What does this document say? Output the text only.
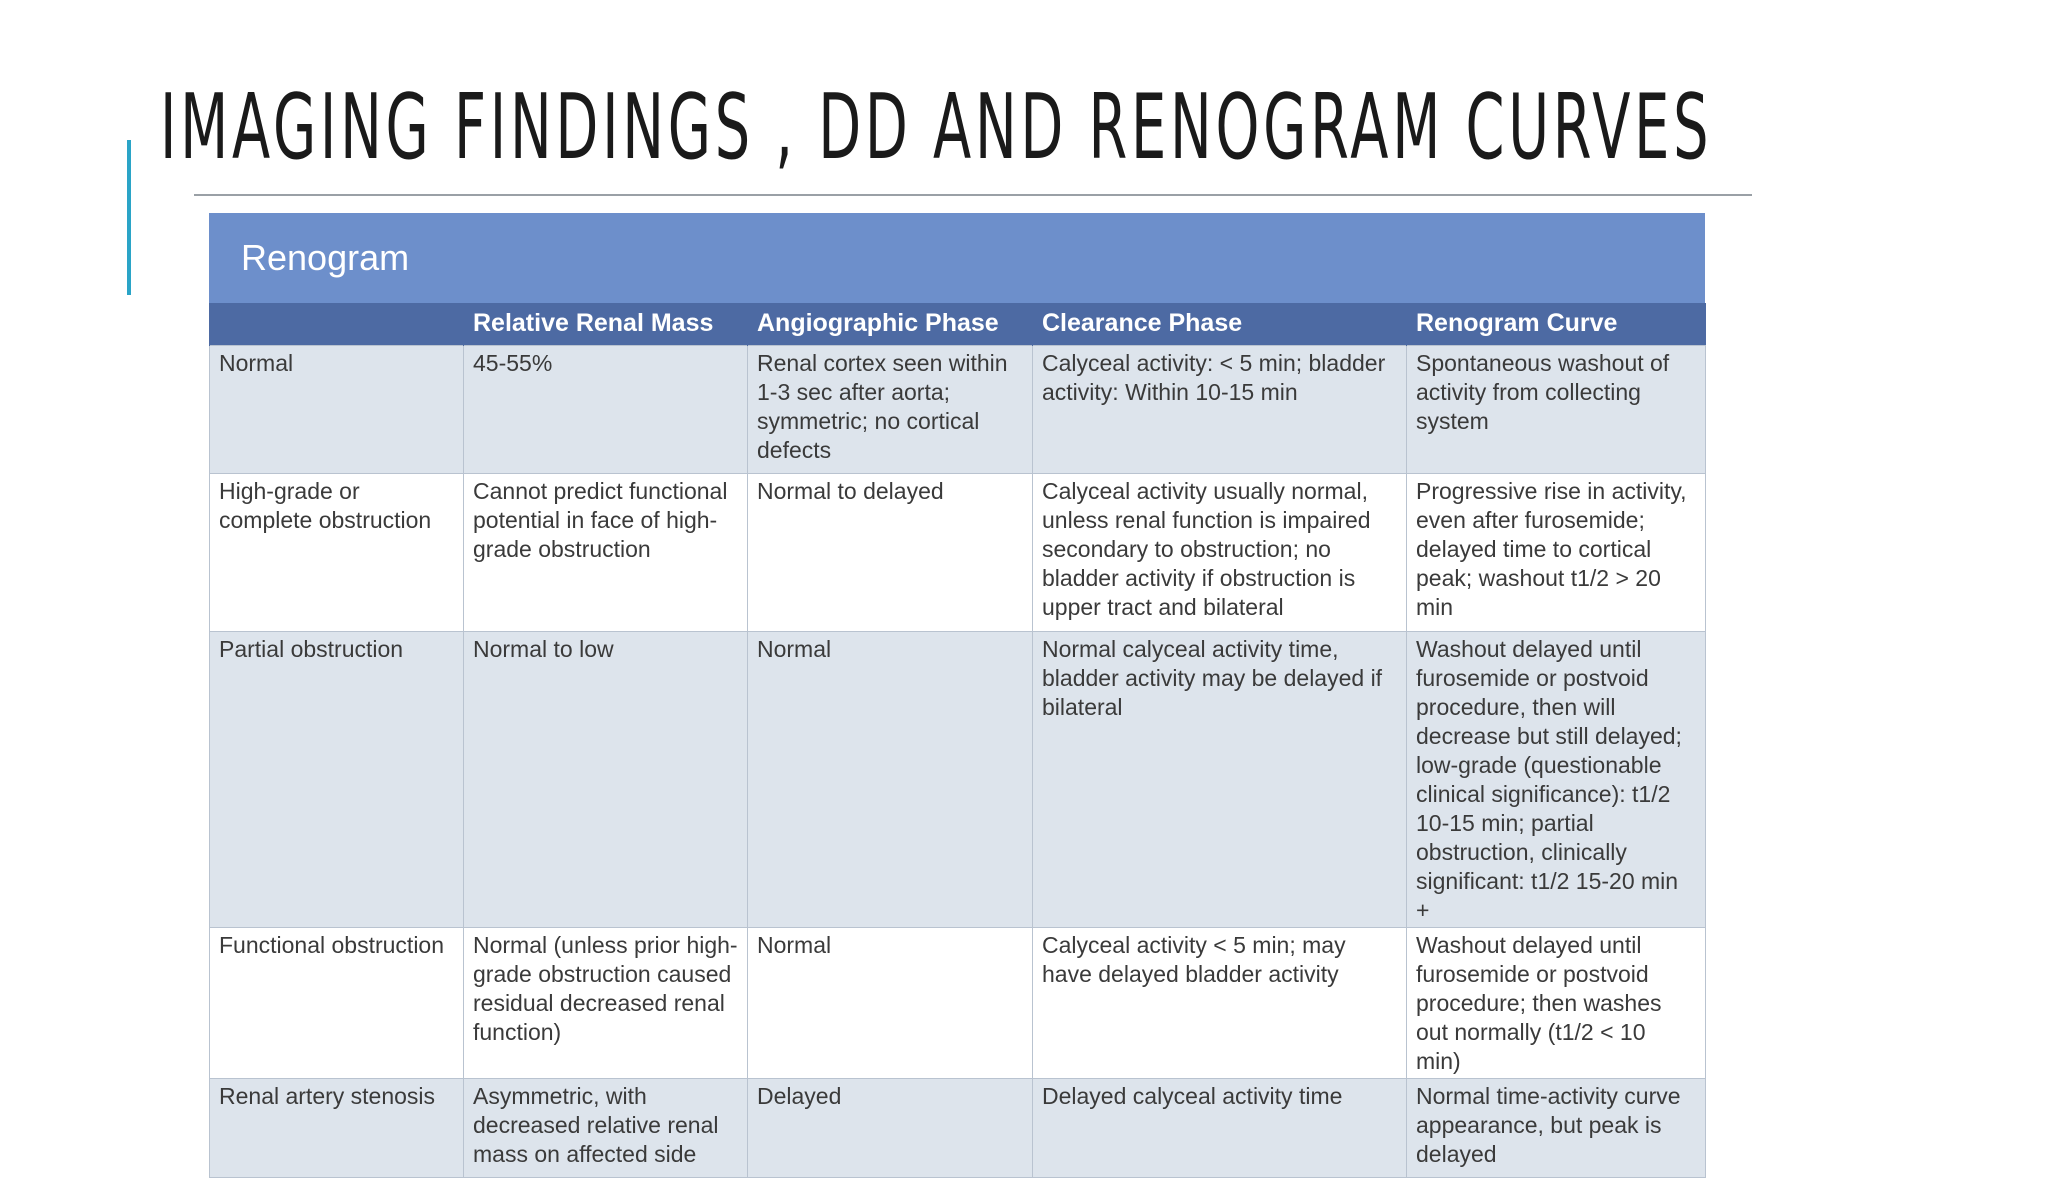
IMAGING FINDINGS , DD AND RENOGRAM CURVES
Renogram
	Relative Renal Mass	Angiographic Phase	Clearance Phase	Renogram Curve
Normal	45-55%	Renal cortex seen within 1-3 sec after aorta; symmetric; no cortical defects	Calyceal activity: < 5 min; bladder activity: Within 10-15 min	Spontaneous washout of activity from collecting system
High-grade or complete obstruction	Cannot predict functional potential in face of high-grade obstruction	Normal to delayed	Calyceal activity usually normal, unless renal function is impaired secondary to obstruction; no bladder activity if obstruction is upper tract and bilateral	Progressive rise in activity, even after furosemide; delayed time to cortical peak; washout t1/2 > 20 min
Partial obstruction	Normal to low	Normal	Normal calyceal activity time, bladder activity may be delayed if bilateral	Washout delayed until furosemide or postvoid procedure, then will decrease but still delayed; low-grade (questionable clinical significance): t1/2 10-15 min; partial obstruction, clinically significant: t1/2 15-20 min +
Functional obstruction	Normal (unless prior high-grade obstruction caused residual decreased renal function)	Normal	Calyceal activity < 5 min; may have delayed bladder activity	Washout delayed until furosemide or postvoid procedure; then washes out normally (t1/2 < 10 min)
Renal artery stenosis	Asymmetric, with decreased relative renal mass on affected side	Delayed	Delayed calyceal activity time	Normal time-activity curve appearance, but peak is delayed
